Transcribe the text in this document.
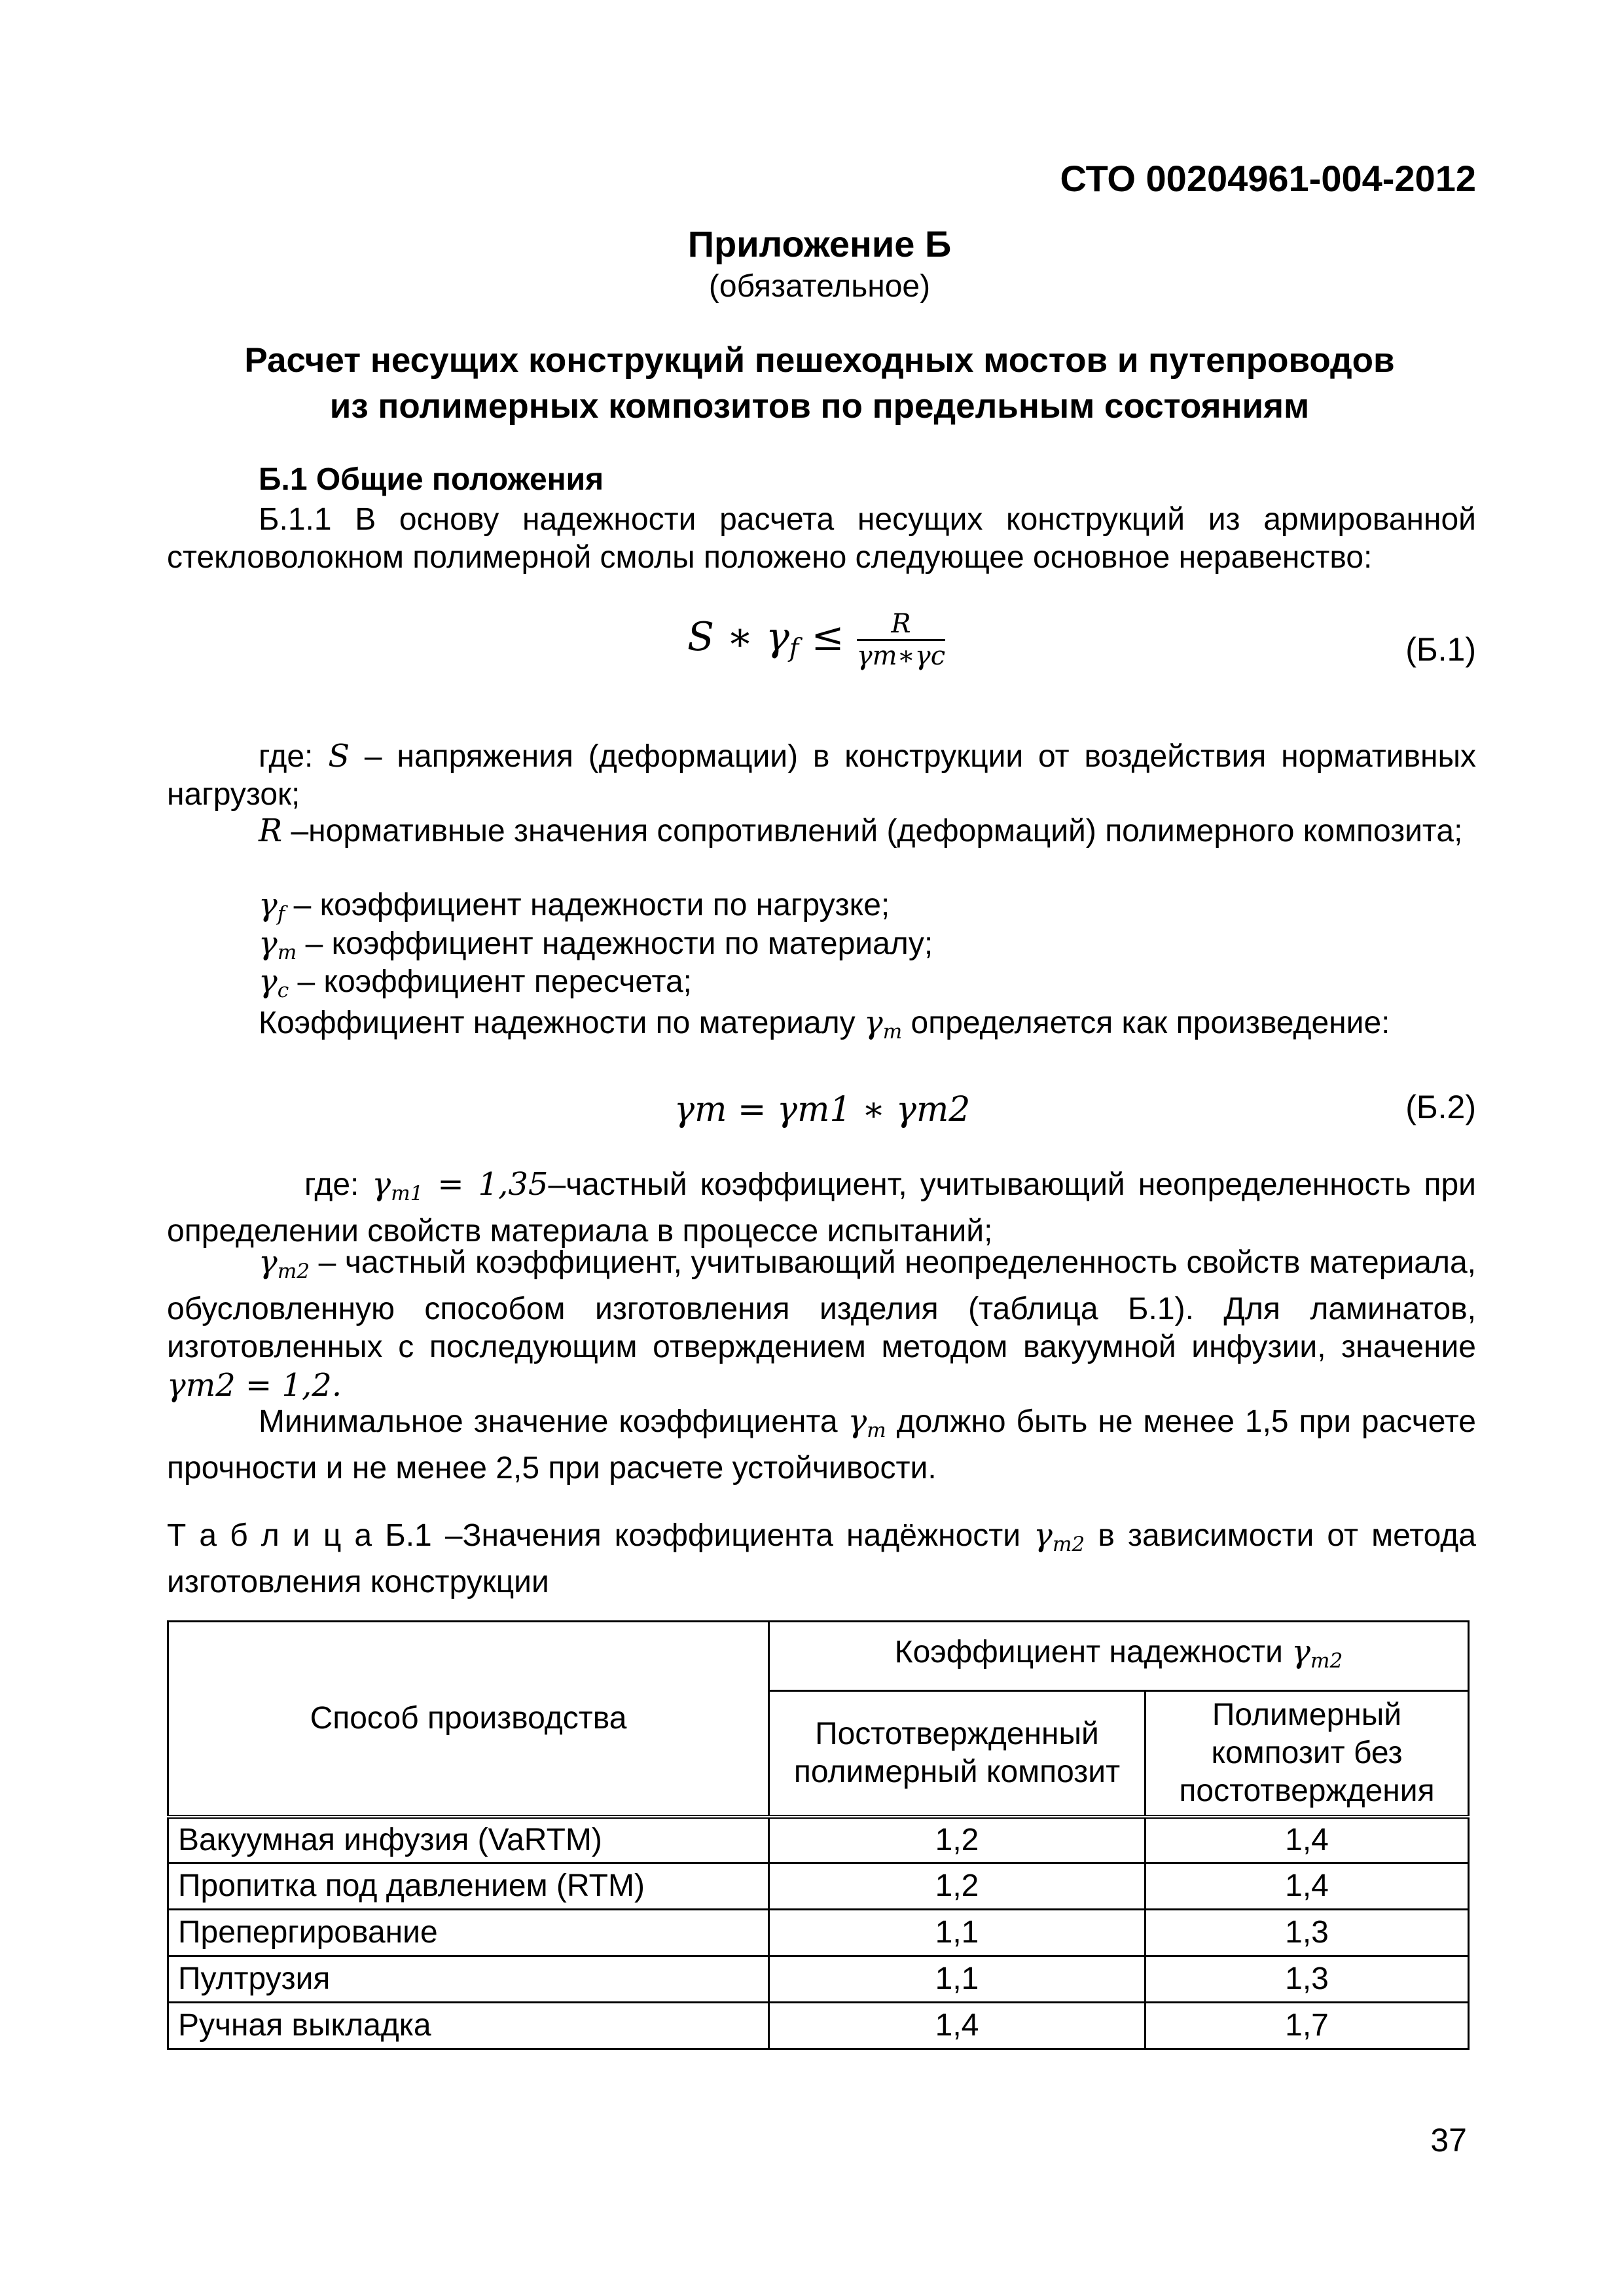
СТО 00204961-004-2012
Приложение Б
(обязательное)
Расчет несущих конструкций пешеходных мостов и путепроводов
из полимерных композитов по предельным состояниям
Б.1 Общие положения
Б.1.1 В основу надежности расчета несущих конструкций из армированной стекловолокном полимерной смолы положено следующее основное неравенство:
S ∗ $\gamma_f \le \frac{R}{\gamma m∗\gamma c}$	(Б.1)
где: S – напряжения (деформации) в конструкции от воздействия нормативных нагрузок;
R –нормативные значения сопротивлений (деформаций) полимерного композита;
$\gamma_f$ – коэффициент надежности по нагрузке;
$\gamma_m$ – коэффициент надежности по материалу;
$\gamma_c$ – коэффициент пересчета;
Коэффициент надежности по материалу $\gamma_m$ определяется как произведение:
γm = γm1 ∗ γm2	(Б.2)
где: $\gamma_{m1}$ = 1,35–частный коэффициент, учитывающий неопределенность при определении свойств материала в процессе испытаний;
$\gamma_{m2}$ – частный коэффициент, учитывающий неопределенность свойств материала, обусловленную способом изготовления изделия (таблица Б.1). Для ламинатов, изготовленных с последующим отверждением методом вакуумной инфузии, значение γm2 = 1,2.
Минимальное значение коэффициента $\gamma_m$ должно быть не менее 1,5 при расчете прочности и не менее 2,5 при расчете устойчивости.
Т а б л и ц а Б.1 –Значения коэффициента надёжности $\gamma_{m2}$ в зависимости от метода изготовления конструкции
Способ производства	Коэффициент надежности $\gamma_{m2}$
	Постотвержденный полимерный композит	Полимерный композит без постотверждения
Вакуумная инфузия (VaRTM)	1,2	1,4
Пропитка под давлением (RTM)	1,2	1,4
Препергирование	1,1	1,3
Пултрузия	1,1	1,3
Ручная выкладка	1,4	1,7
37
